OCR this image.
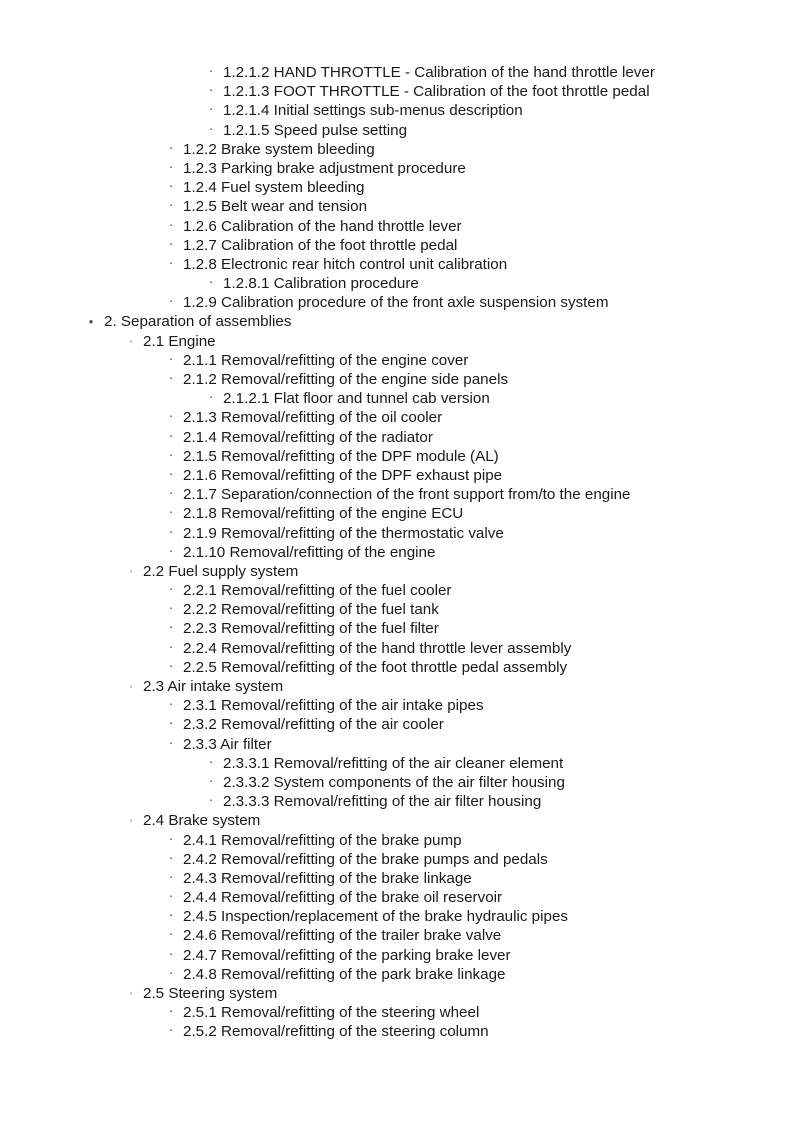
▪ 1.2.1.2 HAND THROTTLE - Calibration of the hand throttle lever
▪ 1.2.1.3 FOOT THROTTLE - Calibration of the foot throttle pedal
▪ 1.2.1.4 Initial settings sub-menus description
▪ 1.2.1.5 Speed pulse setting
▪ 1.2.2 Brake system bleeding
▪ 1.2.3 Parking brake adjustment procedure
▪ 1.2.4 Fuel system bleeding
▪ 1.2.5 Belt wear and tension
▪ 1.2.6 Calibration of the hand throttle lever
▪ 1.2.7 Calibration of the foot throttle pedal
▪ 1.2.8 Electronic rear hitch control unit calibration
▪ 1.2.8.1 Calibration procedure
▪ 1.2.9 Calibration procedure of the front axle suspension system
• 2. Separation of assemblies
◦ 2.1 Engine
▪ 2.1.1 Removal/refitting of the engine cover
▪ 2.1.2 Removal/refitting of the engine side panels
▪ 2.1.2.1 Flat floor and tunnel cab version
▪ 2.1.3 Removal/refitting of the oil cooler
▪ 2.1.4 Removal/refitting of the radiator
▪ 2.1.5 Removal/refitting of the DPF module (AL)
▪ 2.1.6 Removal/refitting of the DPF exhaust pipe
▪ 2.1.7 Separation/connection of the front support from/to the engine
▪ 2.1.8 Removal/refitting of the engine ECU
▪ 2.1.9 Removal/refitting of the thermostatic valve
▪ 2.1.10 Removal/refitting of the engine
◦ 2.2 Fuel supply system
▪ 2.2.1 Removal/refitting of the fuel cooler
▪ 2.2.2 Removal/refitting of the fuel tank
▪ 2.2.3 Removal/refitting of the fuel filter
▪ 2.2.4 Removal/refitting of the hand throttle lever assembly
▪ 2.2.5 Removal/refitting of the foot throttle pedal assembly
◦ 2.3 Air intake system
▪ 2.3.1 Removal/refitting of the air intake pipes
▪ 2.3.2 Removal/refitting of the air cooler
▪ 2.3.3 Air filter
▪ 2.3.3.1 Removal/refitting of the air cleaner element
▪ 2.3.3.2 System components of the air filter housing
▪ 2.3.3.3 Removal/refitting of the air filter housing
◦ 2.4 Brake system
▪ 2.4.1 Removal/refitting of the brake pump
▪ 2.4.2 Removal/refitting of the brake pumps and pedals
▪ 2.4.3 Removal/refitting of the brake linkage
▪ 2.4.4 Removal/refitting of the brake oil reservoir
▪ 2.4.5 Inspection/replacement of the brake hydraulic pipes
▪ 2.4.6 Removal/refitting of the trailer brake valve
▪ 2.4.7 Removal/refitting of the parking brake lever
▪ 2.4.8 Removal/refitting of the park brake linkage
◦ 2.5 Steering system
▪ 2.5.1 Removal/refitting of the steering wheel
▪ 2.5.2 Removal/refitting of the steering column
